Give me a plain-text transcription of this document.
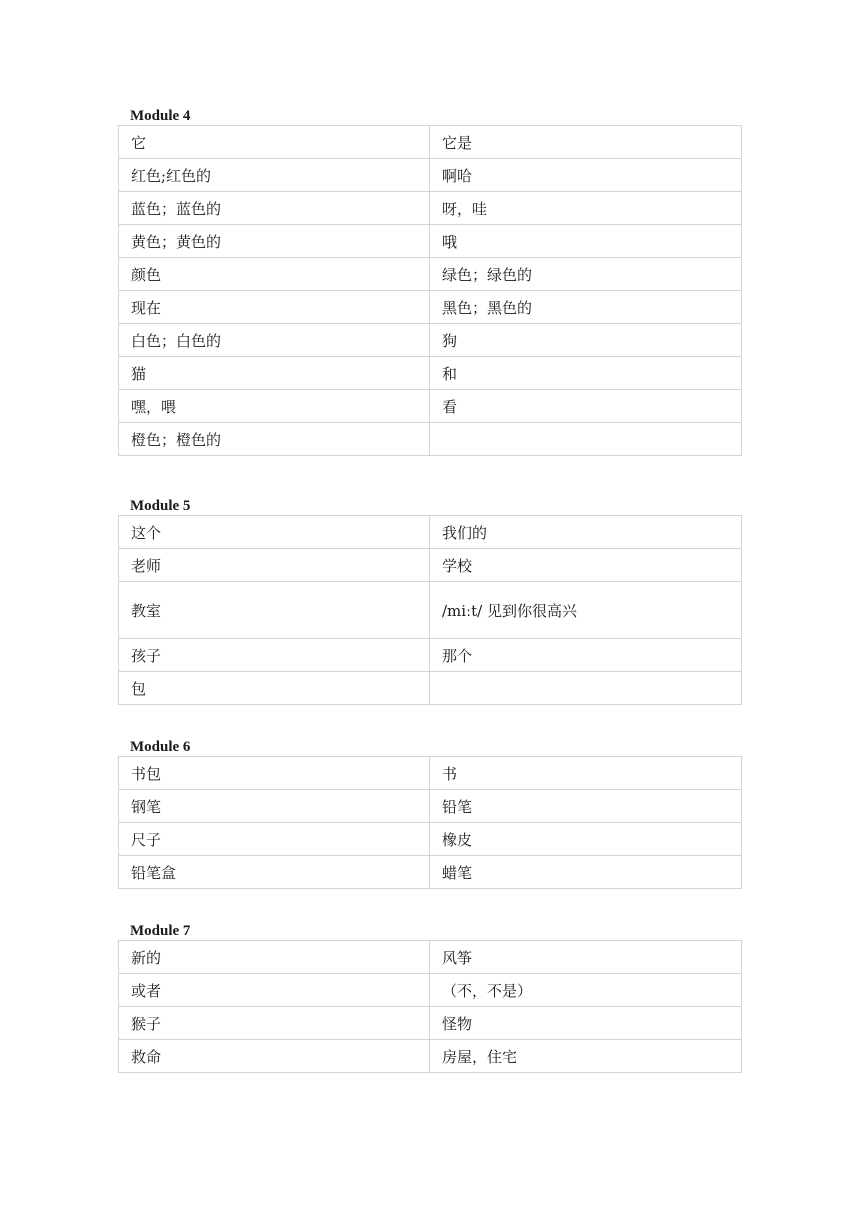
Module 4
它	它是
红色;红色的	啊哈
蓝色；蓝色的	呀，哇
黄色；黄色的	哦
颜色	绿色；绿色的
现在	黑色；黑色的
白色；白色的	狗
猫	和
嘿，喂	看
橙色；橙色的	
Module 5
这个	我们的
老师	学校
教室	/miːt/ 见到你很高兴
孩子	那个
包	
Module 6
书包	书
钢笔	铅笔
尺子	橡皮
铅笔盒	蜡笔
Module 7
新的	风筝
或者	（不，不是）
猴子	怪物
救命	房屋，住宅
